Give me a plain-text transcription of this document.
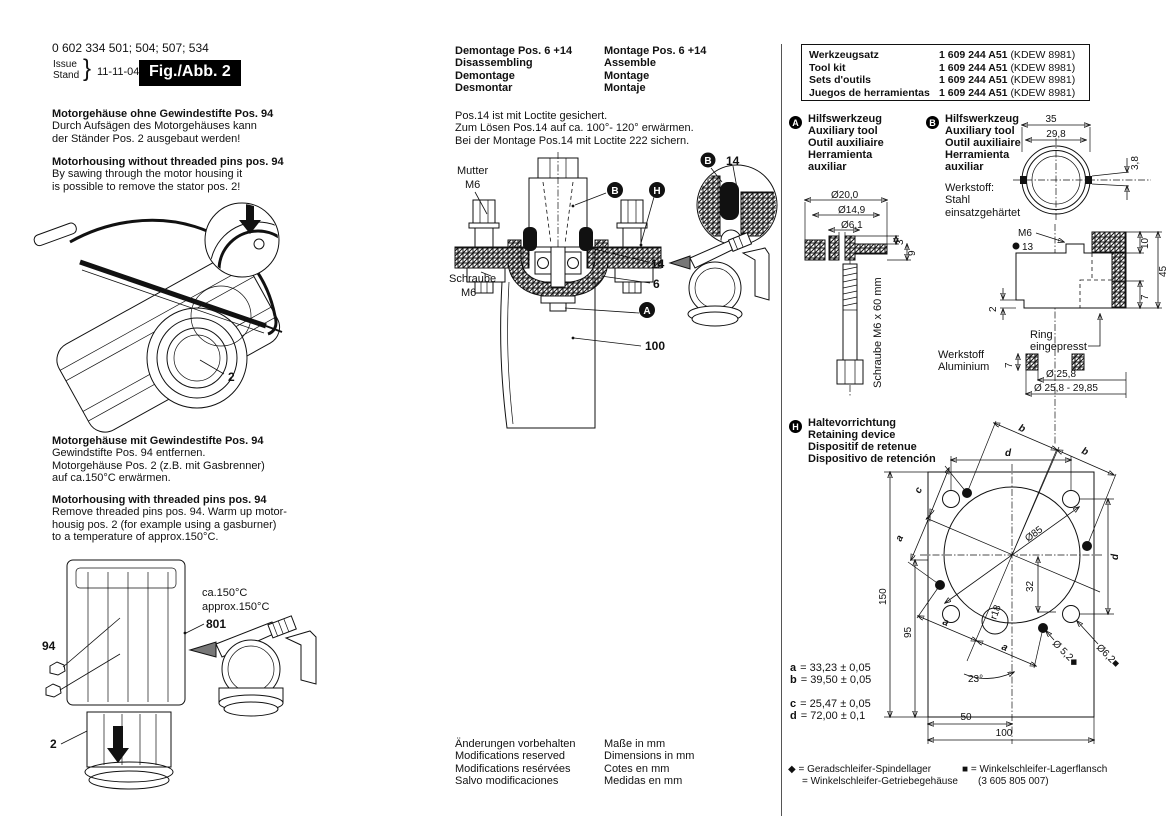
0 602 334 501; 504; 507; 534
Issue
Stand } 11-11-04 Fig./Abb. 2
Motorgehäuse ohne Gewindestifte Pos. 94
Durch Aufsägen des Motorgehäuses kann
der Ständer Pos. 2 ausgebaut werden!
Motorhousing without threaded pins pos. 94
By sawing through the motor housing it
is possible to remove the stator pos. 2!
2
Motorgehäuse mit Gewindestifte Pos. 94
Gewindstifte Pos. 94 entfernen.
Motorgehäuse Pos. 2 (z.B. mit Gasbrenner)
auf ca.150°C erwärmen.
Motorhousing with threaded pins pos. 94
Remove threaded pins pos. 94. Warm up motor-
housig pos. 2 (for example using a gasburner)
to a temperature of approx.150°C.
94
2
ca.150°C
approx.150°C
801
Demontage Pos. 6 +14
Disassembling
Demontage
Desmontar
Montage Pos. 6 +14
Assemble
Montage
Montaje
Pos.14 ist mit Loctite gesichert.
Zum Lösen Pos.14 auf ca. 100°- 120° erwärmen.
Bei der Montage Pos.14 mit Loctite 222 sichern.
Mutter
M6
Schraube
M6
B	H
14
6
A
100
B 14
Änderungen vorbehalten
Modifications reserved
Modifications resérvées
Salvo modificaciones
Maße in mm
Dimensions in mm
Cotes en mm
Medidas en mm
Werkzeugsatz	1 609 244 A51 (KDEW 8981)
Tool kit	1 609 244 A51 (KDEW 8981)
Sets d'outils	1 609 244 A51 (KDEW 8981)
Juegos de herramientas 1 609 244 A51 (KDEW 8981)
A Hilfswerkzeug
Auxiliary tool
Outil auxiliaire
Herramienta
auxiliar
Ø20,0
Ø14,9
Ø6,1
3
9
Schraube M6 x 60 mm
B Hilfswerkzeug
Auxiliary tool
Outil auxiliaire
Herramienta
auxiliar
Werkstoff:
Stahl
einsatzgehärtet
35
29,8
3,8
M6
13
2
10
45
7
Ring
eingepresst
Werkstoff
Aluminium 7
Ø 25,8
Ø 25,8 - 29,85
H Haltevorrichtung
Retaining device
Dispositif de retenue
Dispositivo de retención
Ø85
32
r18
150
95
100
50
d
d
b
b
c
a
a
a
23°
Ø 5,2◆ Ø6,2■
a = 33,23 ± 0,05
b = 39,50 ± 0,05
c = 25,47 ± 0,05
d = 72,00 ± 0,1
◆ = Geradschleifer-Spindellager
= Winkelschleifer-Getriebegehäuse
■ = Winkelschleifer-Lagerflansch
(3 605 805 007)
